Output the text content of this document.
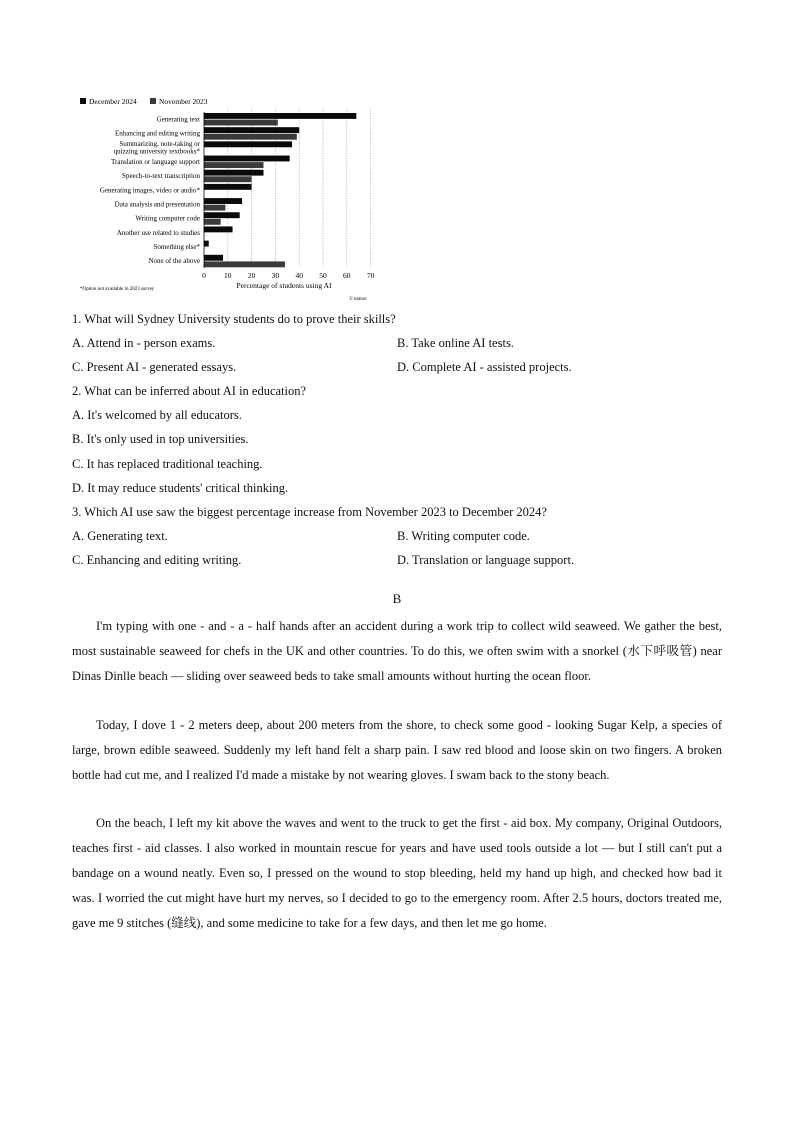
December 2024	November 2023
Generating text
Enhancing and editing writing
Summarizing, note-taking or quizzing university textbooks*
Translation or language support
Speech-to-text transcription
Generating images, video or audio*
Data analysis and presentation
Writing computer code
Another use related to studies
Something else*
None of the above
0 10 20 30 40 50 60 70
Percentage of students using AI
*Option not available in 2023 survey
© nature
1. What will Sydney University students do to prove their skills?
A. Attend in - person exams.	B. Take online AI tests.
C. Present AI - generated essays.	D. Complete AI - assisted projects.
2. What can be inferred about AI in education?
A. It's welcomed by all educators.
B. It's only used in top universities.
C. It has replaced traditional teaching.
D. It may reduce students' critical thinking.
3. Which AI use saw the biggest percentage increase from November 2023 to December 2024?
A. Generating text.	B. Writing computer code.
C. Enhancing and editing writing.	D. Translation or language support.
B

I'm typing with one - and - a - half hands after an accident during a work trip to collect wild seaweed. We gather the best, most sustainable seaweed for chefs in the UK and other countries. To do this, we often swim with a snorkel (水下呼吸管) near Dinas Dinlle beach — sliding over seaweed beds to take small amounts without hurting the ocean floor.

Today, I dove 1 - 2 meters deep, about 200 meters from the shore, to check some good - looking Sugar Kelp, a species of large, brown edible seaweed. Suddenly my left hand felt a sharp pain. I saw red blood and loose skin on two fingers. A broken bottle had cut me, and I realized I'd made a mistake by not wearing gloves. I swam back to the stony beach.

On the beach, I left my kit above the waves and went to the truck to get the first - aid box. My company, Original Outdoors, teaches first - aid classes. I also worked in mountain rescue for years and have used tools outside a lot — but I still can't put a bandage on a wound neatly. Even so, I pressed on the wound to stop bleeding, held my hand up high, and checked how bad it was. I worried the cut might have hurt my nerves, so I decided to go to the emergency room. After 2.5 hours, doctors treated me, gave me 9 stitches (缝线), and some medicine to take for a few days, and then let me go home.
